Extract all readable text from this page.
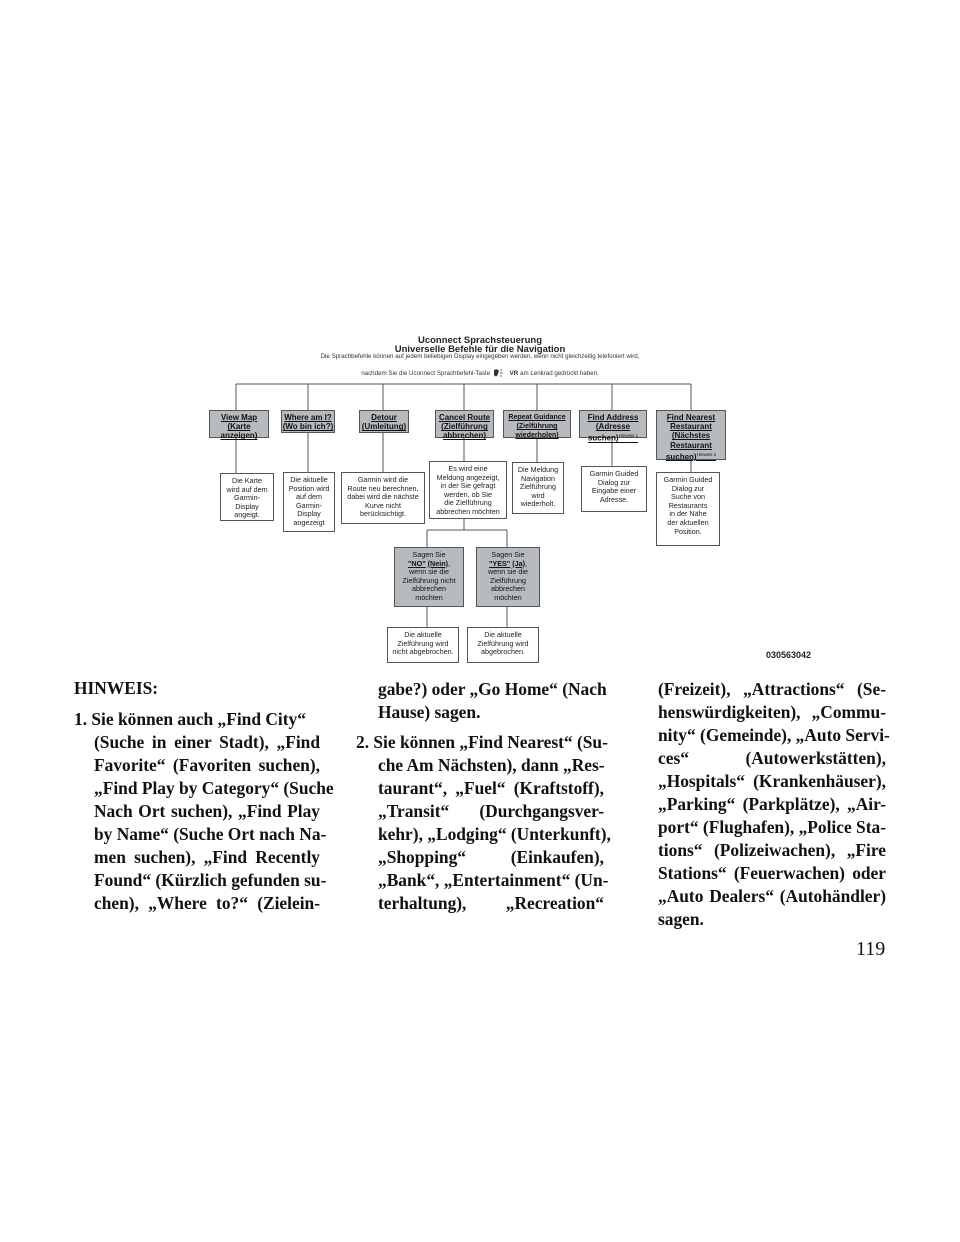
Uconnect Sprachsteuerung
Universelle Befehle für die Navigation
Die Sprachbefehle können auf jedem beliebigen Display eingegeben werden, wenn nicht gleichzeitig telefoniert wird,
nachdem Sie die Uconnect Sprachbefehl-Taste	VR am Lenkrad gedrückt haben.
View Map
(Karte
anzeigen)
Where am I?
(Wo bin ich?)
Detour
(Umleitung)
Cancel Route
(Zielführung
abbrechen)
Repeat Guidance
(Zielführung
wiederholen)
Find Address
(Adresse
suchen)$^{Hinweis 1}$
Find Nearest
Restaurant
(Nächstes
Restaurant
suchen)$^{Hinweis 2}$
Die Karte
wird auf dem
Garmin-
Display
angeigt.
Die aktuelle
Position wird
auf dem
Garmin-
Display
angezeigt
Garmin wird die
Route neu berechnen,
dabei wird die nächste
Kurve nicht
berücksichtigt.
Es wird eine
Meldung angezeigt,
in der Sie gefragt
werden, ob Sie
die Zielführung
abbrechen möchten
Die Meldung
Navigation
Zielführung
wird
wiederholt.
Garmin Guided
Dialog zur
Eingabe einer
Adresse.
Garmin Guided
Dialog zur
Suche von
Restaurants
in der Nähe
der aktuellen
Position.
Sagen Sie
"NO" (Nein),
wenn sie die
Zielführung nicht
abbrechen
möchten
Sagen Sie
"YES" (Ja),
wenn sie die
Zielführung
abbrechen
möchten
Die aktuelle
Zielführung wird
nicht abgebrochen.
Die aktuelle
Zielführung wird
abgebrochen.	030563042
HINWEIS:
1. Sie können auch „Find City“
(Suche in einer Stadt), „Find
Favorite“ (Favoriten suchen),
„Find Play by Category“ (Suche
Nach Ort suchen), „Find Play
by Name“ (Suche Ort nach Na-
men suchen), „Find Recently
Found“ (Kürzlich gefunden su-
chen), „Where to?“ (Zielein-
gabe?) oder „Go Home“ (Nach
Hause) sagen.
2. Sie können „Find Nearest“ (Su-
che Am Nächsten), dann „Res-
taurant“, „Fuel“ (Kraftstoff),
„Transit“ (Durchgangsver-
kehr), „Lodging“ (Unterkunft),
„Shopping“ (Einkaufen),
„Bank“, „Entertainment“ (Un-
terhaltung), „Recreation“
(Freizeit), „Attractions“ (Se-
henswürdigkeiten), „Commu-
nity“ (Gemeinde), „Auto Servi-
ces“ (Autowerkstätten),
„Hospitals“ (Krankenhäuser),
„Parking“ (Parkplätze), „Air-
port“ (Flughafen), „Police Sta-
tions“ (Polizeiwachen), „Fire
Stations“ (Feuerwachen) oder
„Auto Dealers“ (Autohändler)
sagen.
119
